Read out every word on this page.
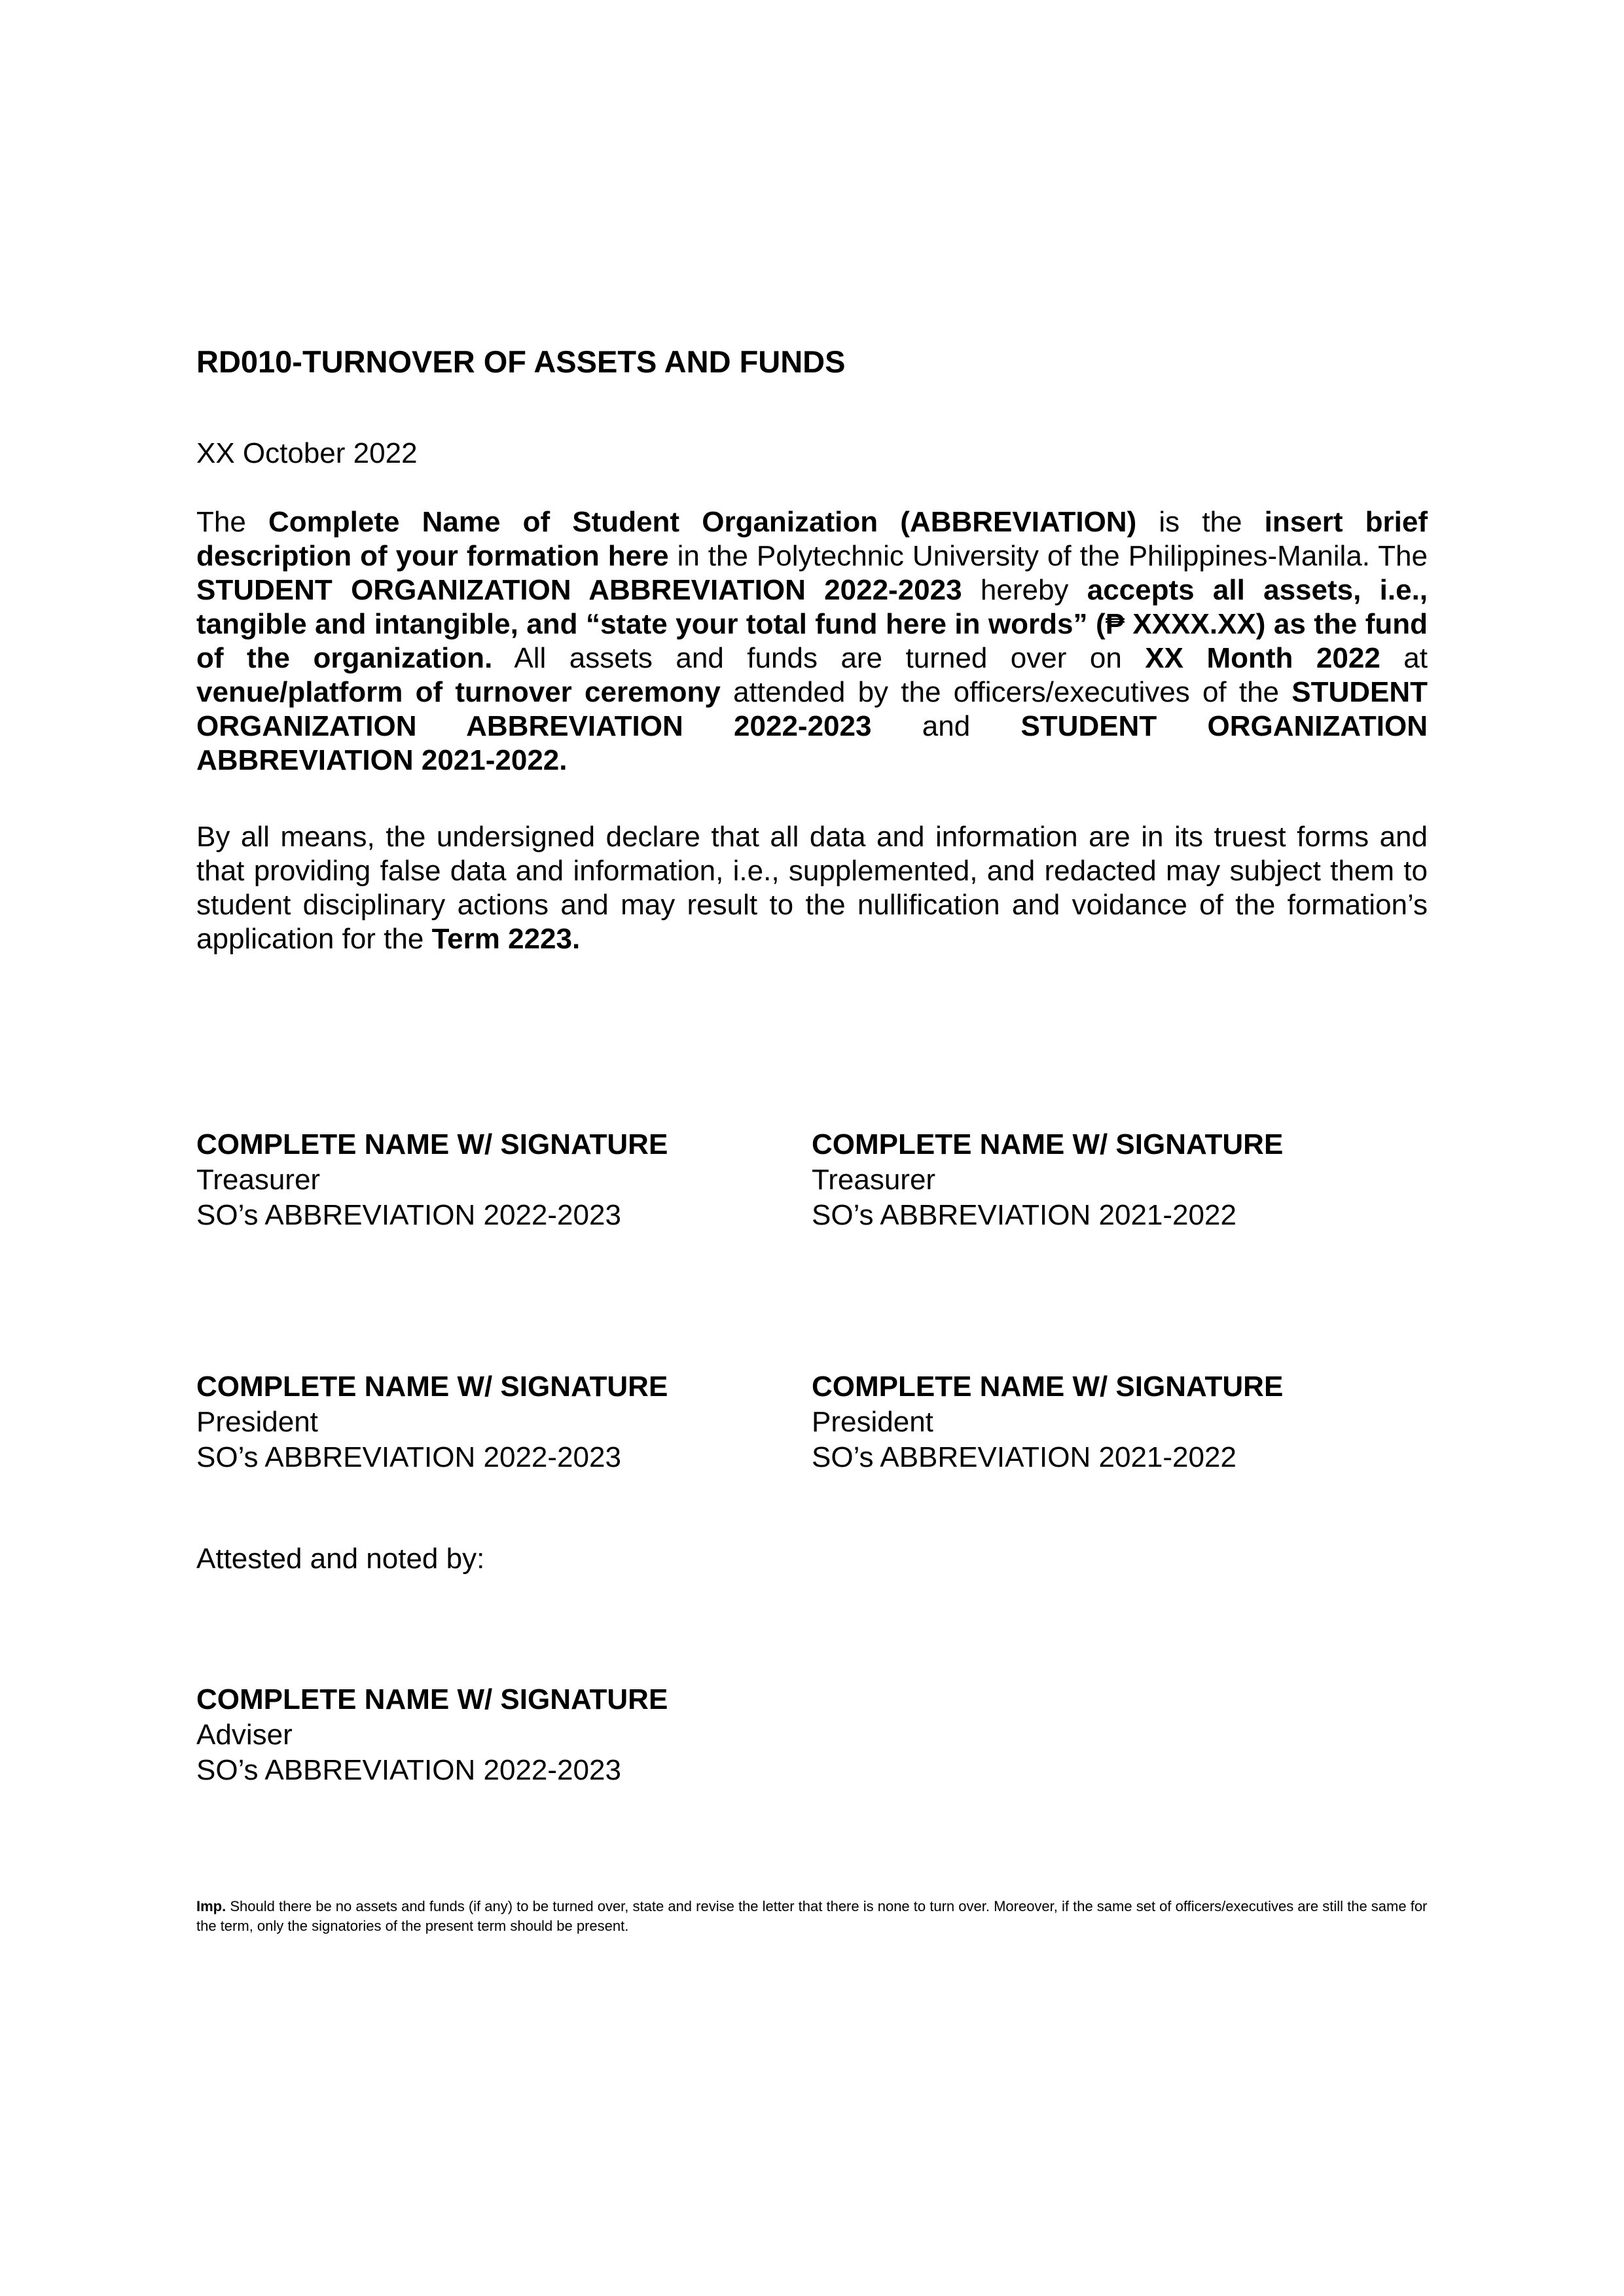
RD010-TURNOVER OF ASSETS AND FUNDS
XX October 2022

The Complete Name of Student Organization (ABBREVIATION) is the insert brief description of your formation here in the Polytechnic University of the Philippines-Manila. The STUDENT ORGANIZATION ABBREVIATION 2022-2023 hereby accepts all assets, i.e., tangible and intangible, and “state your total fund here in words” (₱ XXXX.XX) as the fund of the organization. All assets and funds are turned over on XX Month 2022 at venue/platform of turnover ceremony attended by the officers/executives of the STUDENT ORGANIZATION ABBREVIATION 2022-2023 and STUDENT ORGANIZATION ABBREVIATION 2021-2022.

By all means, the undersigned declare that all data and information are in its truest forms and that providing false data and information, i.e., supplemented, and redacted may subject them to student disciplinary actions and may result to the nullification and voidance of the formation’s application for the Term 2223.

COMPLETE NAME W/ SIGNATURE
Treasurer
SO’s ABBREVIATION 2022-2023
COMPLETE NAME W/ SIGNATURE
Treasurer
SO’s ABBREVIATION 2021-2022
COMPLETE NAME W/ SIGNATURE
President
SO’s ABBREVIATION 2022-2023
COMPLETE NAME W/ SIGNATURE
President
SO’s ABBREVIATION 2021-2022
Attested and noted by:
COMPLETE NAME W/ SIGNATURE
Adviser
SO’s ABBREVIATION 2022-2023

Imp. Should there be no assets and funds (if any) to be turned over, state and revise the letter that there is none to turn over. Moreover, if the same set of officers/executives are still the same for the term, only the signatories of the present term should be present.
